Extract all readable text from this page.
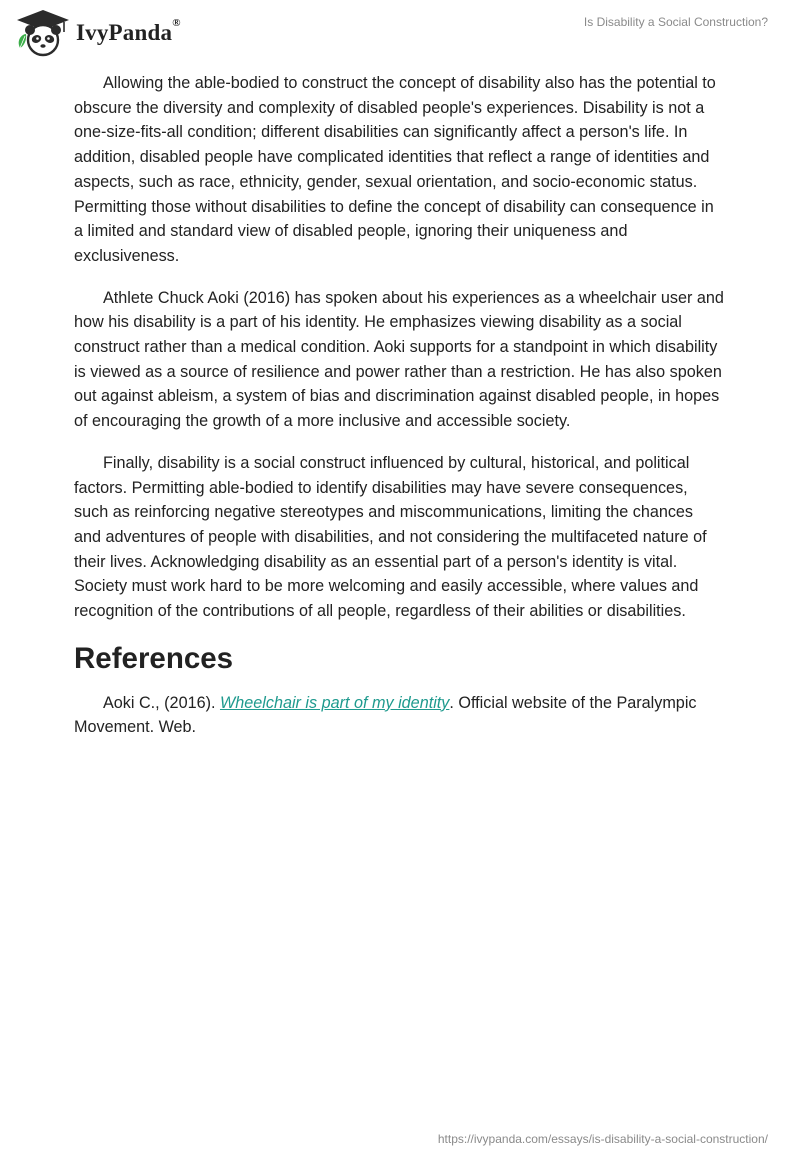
IvyPanda®	Is Disability a Social Construction?

Allowing the able-bodied to construct the concept of disability also has the potential to obscure the diversity and complexity of disabled people's experiences. Disability is not a one-size-fits-all condition; different disabilities can significantly affect a person's life. In addition, disabled people have complicated identities that reflect a range of identities and aspects, such as race, ethnicity, gender, sexual orientation, and socio-economic status. Permitting those without disabilities to define the concept of disability can consequence in a limited and standard view of disabled people, ignoring their uniqueness and exclusiveness.

Athlete Chuck Aoki (2016) has spoken about his experiences as a wheelchair user and how his disability is a part of his identity. He emphasizes viewing disability as a social construct rather than a medical condition. Aoki supports for a standpoint in which disability is viewed as a source of resilience and power rather than a restriction. He has also spoken out against ableism, a system of bias and discrimination against disabled people, in hopes of encouraging the growth of a more inclusive and accessible society.

Finally, disability is a social construct influenced by cultural, historical, and political factors. Permitting able-bodied to identify disabilities may have severe consequences, such as reinforcing negative stereotypes and miscommunications, limiting the chances and adventures of people with disabilities, and not considering the multifaceted nature of their lives. Acknowledging disability as an essential part of a person's identity is vital. Society must work hard to be more welcoming and easily accessible, where values and recognition of the contributions of all people, regardless of their abilities or disabilities.

References

Aoki C., (2016). Wheelchair is part of my identity. Official website of the Paralympic Movement. Web.

https://ivypanda.com/essays/is-disability-a-social-construction/
